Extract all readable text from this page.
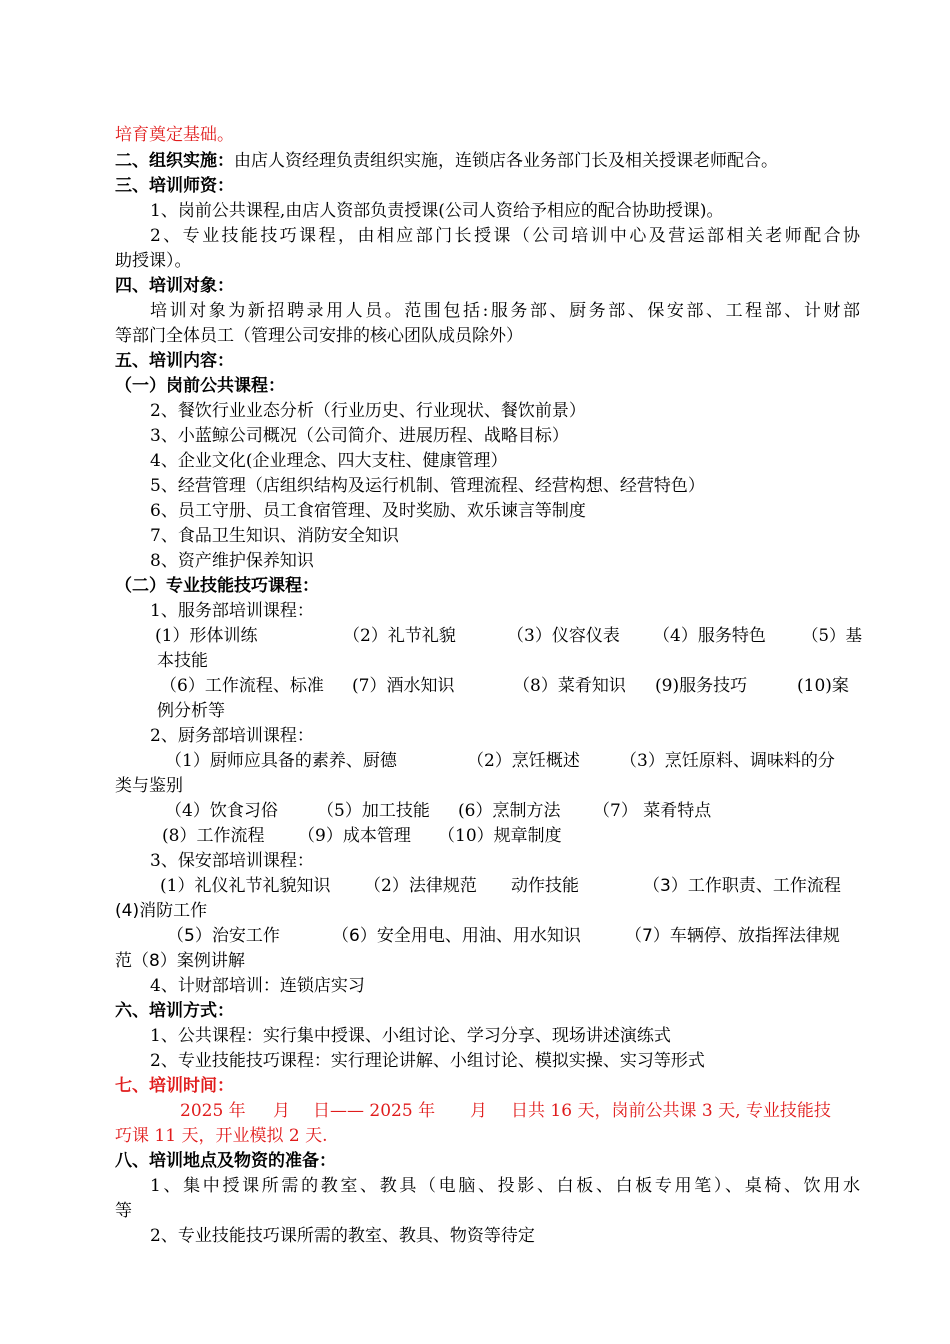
培育奠定基础。
二、组织实施：由店人资经理负责组织实施，连锁店各业务部门长及相关授课老师配合。
三、培训师资：
1、岗前公共课程,由店人资部负责授课(公司人资给予相应的配合协助授课)。
2、专业技能技巧课程，由相应部门长授课（公司培训中心及营运部相关老师配合协
助授课）。
四、培训对象：
培训对象为新招聘录用人员。范围包括:服务部、厨务部、保安部、工程部、计财部
等部门全体员工（管理公司安排的核心团队成员除外）
五、培训内容：
（一）岗前公共课程：
2、餐饮行业业态分析（行业历史、行业现状、餐饮前景）
3、小蓝鲸公司概况（公司简介、进展历程、战略目标）
4、企业文化(企业理念、四大支柱、健康管理）
5、经营管理（店组织结构及运行机制、管理流程、经营构想、经营特色）
6、员工守册、员工食宿管理、及时奖励、欢乐谏言等制度
7、食品卫生知识、消防安全知识
8、资产维护保养知识
（二）专业技能技巧课程：
1、服务部培训课程：
(1）形体训练	（2）礼节礼貌	（3）仪容仪表 （4）服务特色 （5）基
本技能
（6）工作流程、标准 (7）酒水知识	（8）菜肴知识 (9)服务技巧	(10)案
例分析等
2、厨务部培训课程：
（1）厨师应具备的素养、厨德	（2）烹饪概述 （3）烹饪原料、调味料的分
类与鉴别
（4）饮食习俗 （5）加工技能 (6）烹制方法 （7） 菜肴特点
(8）工作流程 （9）成本管理 （10）规章制度
3、保安部培训课程：
(1）礼仪礼节礼貌知识 （2）法律规范 动作技能	（3）工作职责、工作流程
(4)消防工作
（5）治安工作	（6）安全用电、用油、用水知识	（7）车辆停、放指挥法律规
范（8）案例讲解
4、计财部培训：连锁店实习
六、培训方式：
1、公共课程：实行集中授课、小组讨论、学习分享、现场讲述演练式
2、专业技能技巧课程：实行理论讲解、小组讨论、模拟实操、实习等形式
七、培训时间：
2025 年 月 日—— 2025 年 月 日共 16 天，岗前公共课 3 天, 专业技能技
巧课 11 天，开业模拟 2 天.
八、培训地点及物资的准备：
1、集中授课所需的教室、教具（电脑、投影、白板、白板专用笔）、桌椅、饮用水
等
2、专业技能技巧课所需的教室、教具、物资等待定
